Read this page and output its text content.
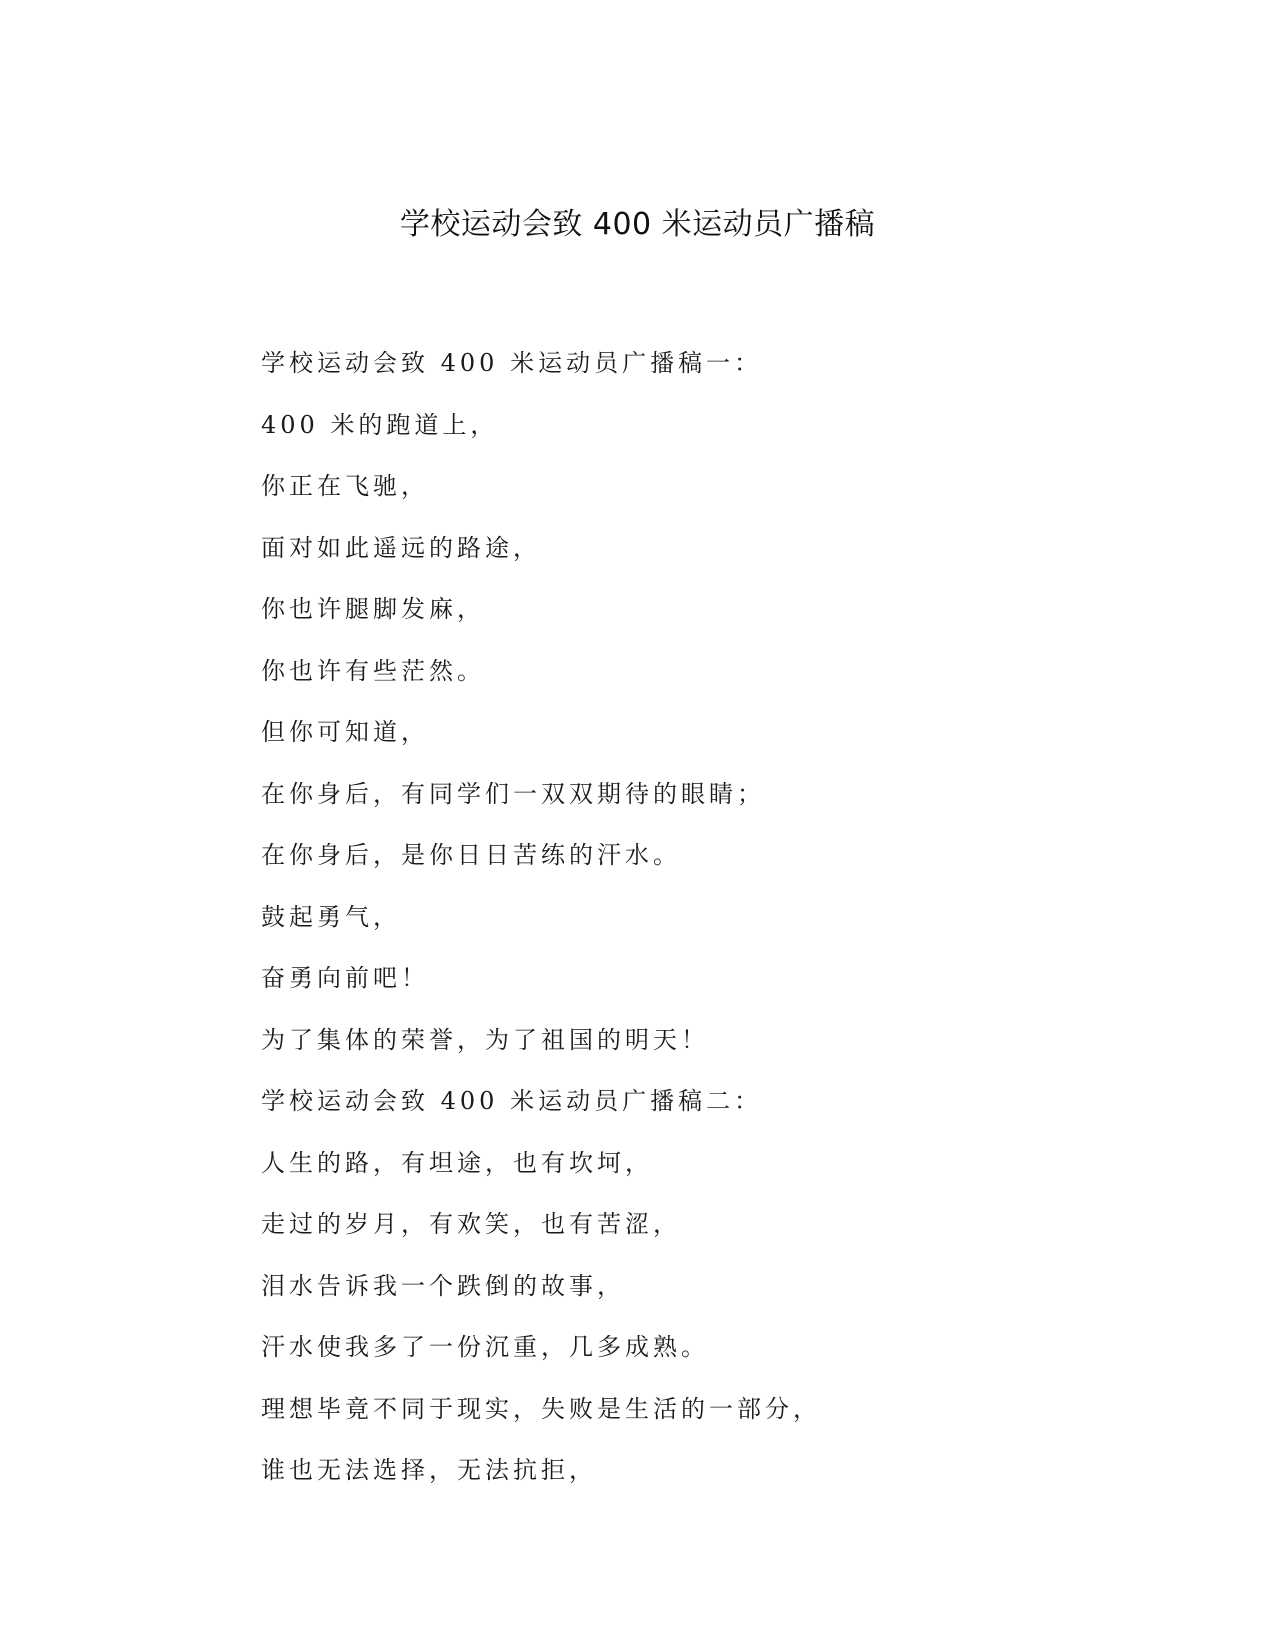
学校运动会致 400 米运动员广播稿

学校运动会致 400 米运动员广播稿一：

400 米的跑道上，

你正在飞驰，

面对如此遥远的路途，

你也许腿脚发麻，

你也许有些茫然。

但你可知道，

在你身后，有同学们一双双期待的眼睛；

在你身后，是你日日苦练的汗水。

鼓起勇气，

奋勇向前吧！

为了集体的荣誉，为了祖国的明天！

学校运动会致 400 米运动员广播稿二：

人生的路，有坦途，也有坎坷，

走过的岁月，有欢笑，也有苦涩，

泪水告诉我一个跌倒的故事，

汗水使我多了一份沉重，几多成熟。

理想毕竟不同于现实，失败是生活的一部分，

谁也无法选择，无法抗拒，
